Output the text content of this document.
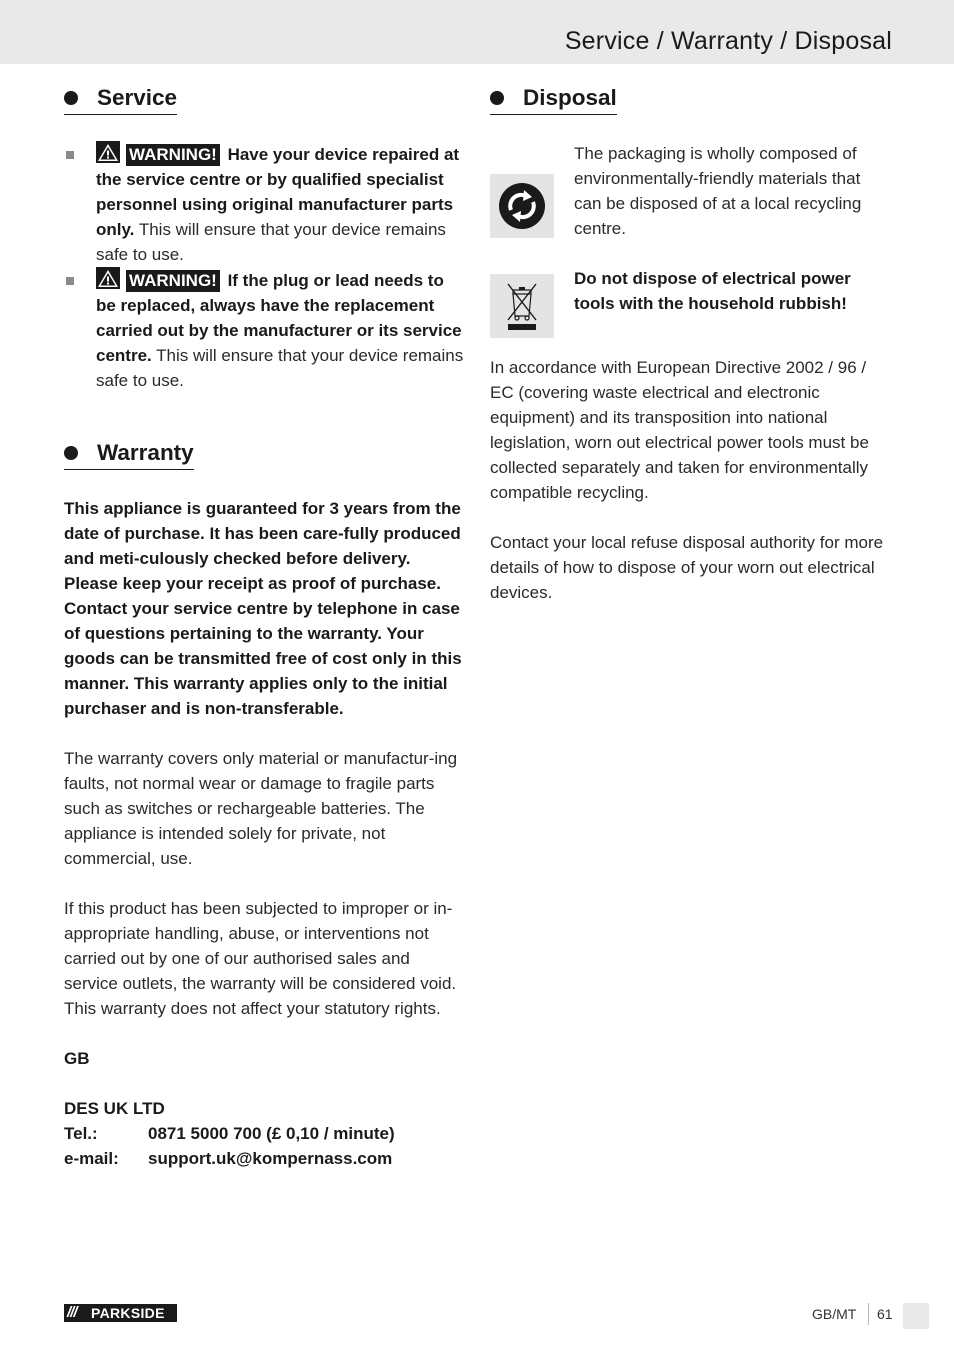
Service / Warranty / Disposal
Service
WARNING! Have your device repaired at the service centre or by qualified specialist personnel using original manufacturer parts only. This will ensure that your device remains safe to use.
WARNING! If the plug or lead needs to be replaced, always have the replacement carried out by the manufacturer or its service centre. This will ensure that your device remains safe to use.
Warranty

This appliance is guaranteed for 3 years from the date of purchase. It has been care-fully produced and meti-culously checked before delivery. Please keep your receipt as proof of purchase. Contact your service centre by telephone in case of questions pertaining to the warranty. Your goods can be transmitted free of cost only in this manner. This warranty applies only to the initial purchaser and is non-transferable.

The warranty covers only material or manufactur-ing faults, not normal wear or damage to fragile parts such as switches or rechargeable batteries. The appliance is intended solely for private, not commercial, use.

If this product has been subjected to improper or in-appropriate handling, abuse, or interventions not carried out by one of our authorised sales and service outlets, the warranty will be considered void. This warranty does not affect your statutory rights.

GB

DES UK LTD

Tel.:	0871 5000 700 (£ 0,10 / minute)
e-mail:	support.uk@kompernass.com
Disposal

The packaging is wholly composed of environmentally-friendly materials that can be disposed of at a local recycling centre.

Do not dispose of electrical power tools with the household rubbish!

In accordance with European Directive 2002 / 96 / EC (covering waste electrical and electronic equipment) and its transposition into national legislation, worn out electrical power tools must be collected separately and taken for environmentally compatible recycling.

Contact your local refuse disposal authority for more details of how to dispose of your worn out electrical devices.

/// PARKSIDE	GB/MT 61
